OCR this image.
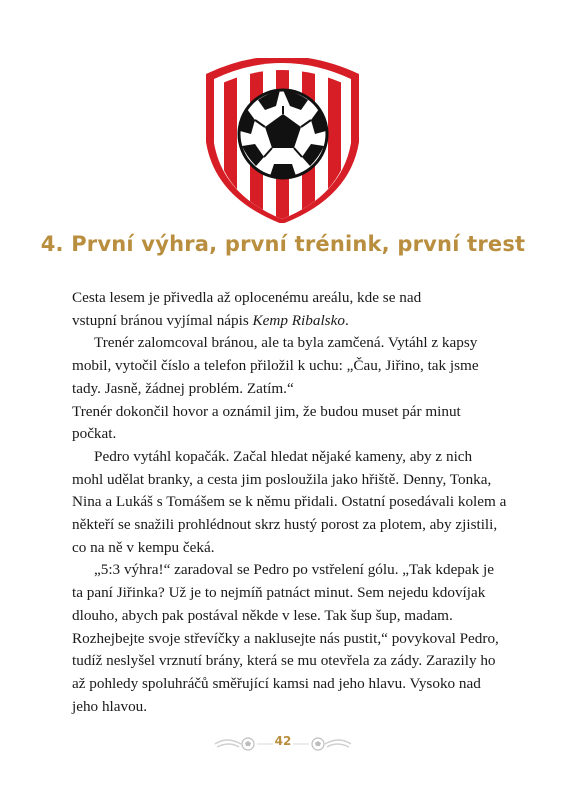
4. První výhra, první trénink, první trest

Cesta lesem je přivedla až oplocenému areálu, kde se nad
vstupní bránou vyjímal nápis Kemp Ribalsko.

Trenér zalomcoval bránou, ale ta byla zamčená. Vytáhl z kapsy mobil, vytočil číslo a telefon přiložil k uchu: „Čau, Jiřino, tak jsme tady. Jasně, žádnej problém. Zatím.“

Trenér dokončil hovor a oznámil jim, že budou muset pár minut počkat.

Pedro vytáhl kopačák. Začal hledat nějaké kameny, aby z nich mohl udělat branky, a cesta jim posloužila jako hřiště. Denny, Tonka, Nina a Lukáš s Tomášem se k němu přidali. Ostatní posedávali kolem a někteří se snažili prohlédnout skrz hustý porost za plotem, aby zjistili, co na ně v kempu čeká.

„5:3 výhra!“ zaradoval se Pedro po vstřelení gólu. „Tak kdepak je ta paní Jiřinka? Už je to nejmíň patnáct minut. Sem nejedu kdovíjak dlouho, abych pak postával někde v lese. Tak šup šup, madam. Rozhejbejte svoje střevíčky a naklusejte nás pustit,“ povykoval Pedro, tudíž neslyšel vrznutí brány, která se mu otevřela za zády. Zarazily ho až pohledy spoluhráčů směřující kamsi nad jeho hlavu. Vysoko nad jeho hlavou.

42
